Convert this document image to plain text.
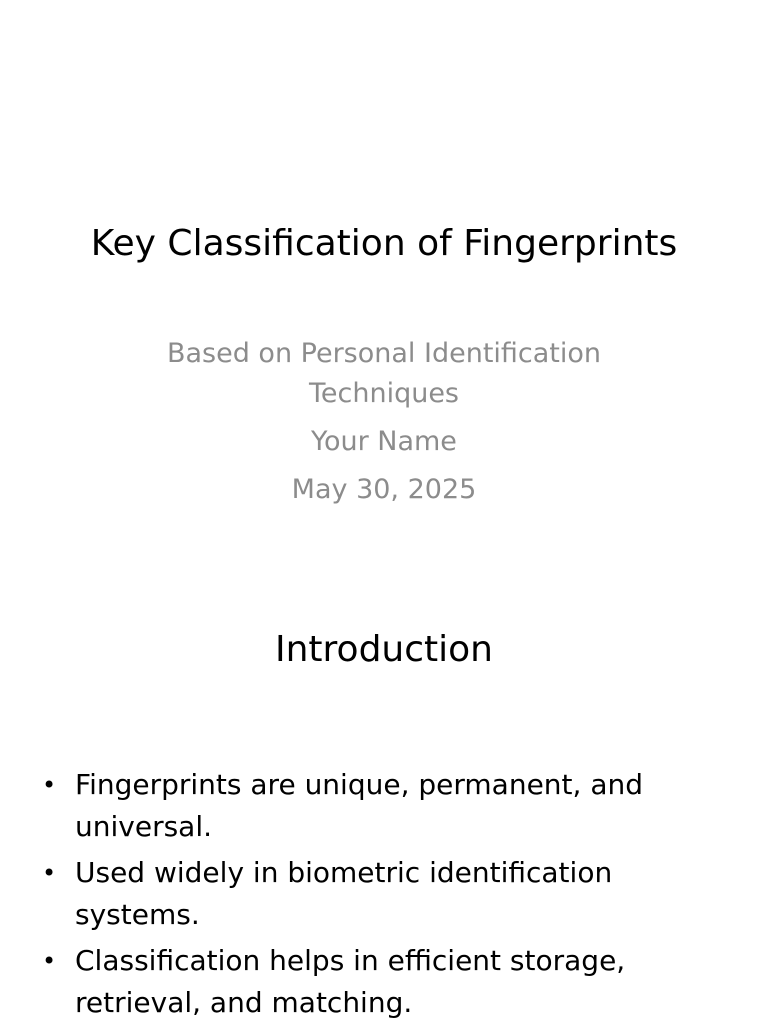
Key Classification of Fingerprints
Based on Personal Identification Techniques
Your Name
May 30, 2025
Introduction
• Fingerprints are unique, permanent, and universal.
• Used widely in biometric identification systems.
• Classification helps in efficient storage, retrieval, and matching.
